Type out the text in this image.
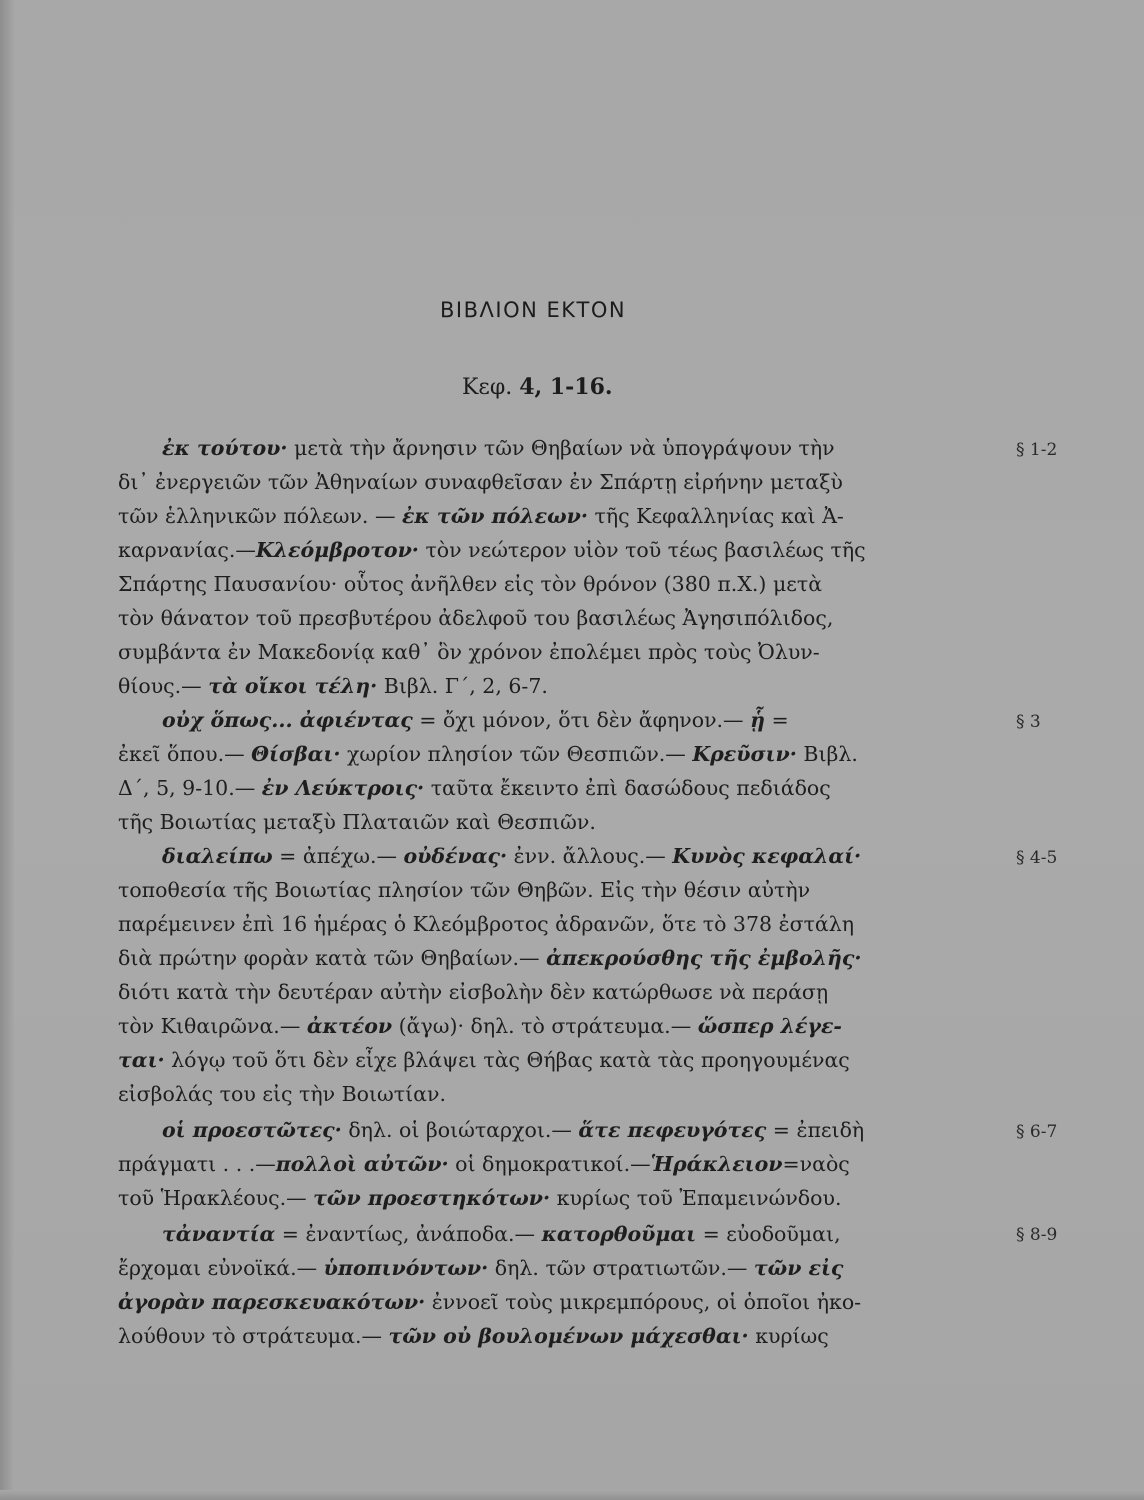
ΒΙΒΛΙΟΝ ΕΚΤΟΝ
Κεφ. 4, 1-16.
§ 1-2
§ 3
§ 4-5
§ 6-7
§ 8-9
ἐκ τούτου· μετὰ τὴν ἄρνησιν τῶν Θηβαίων νὰ ὑπογράψουν τὴν
δι᾽ ἐνεργειῶν τῶν Ἀθηναίων συναφθεῖσαν ἐν Σπάρτῃ εἰρήνην μεταξὺ
τῶν ἑλληνικῶν πόλεων. — ἐκ τῶν πόλεων· τῆς Κεφαλληνίας καὶ Ἀ-
καρνανίας.—Κλεόμβροτον· τὸν νεώτερον υἱὸν τοῦ τέως βασιλέως τῆς
Σπάρτης Παυσανίου· οὗτος ἀνῆλθεν εἰς τὸν θρόνον (380 π.Χ.) μετὰ
τὸν θάνατον τοῦ πρεσβυτέρου ἀδελφοῦ του βασιλέως Ἀγησιπόλιδος,
συμβάντα ἐν Μακεδονίᾳ καθ᾽ ὃν χρόνον ἐπολέμει πρὸς τοὺς Ὀλυν-
θίους.— τὰ οἴκοι τέλη· Βιβλ. Γ΄, 2, 6-7.
οὐχ ὅπως... ἀφιέντας = ὄχι μόνον, ὅτι δὲν ἄφηνον.— ᾗ =
ἐκεῖ ὅπου.— Θίσβαι· χωρίον πλησίον τῶν Θεσπιῶν.— Κρεῦσιν· Βιβλ.
Δ΄, 5, 9-10.— ἐν Λεύκτροις· ταῦτα ἔκειντο ἐπὶ δασώδους πεδιάδος
τῆς Βοιωτίας μεταξὺ Πλαταιῶν καὶ Θεσπιῶν.
διαλείπω = ἀπέχω.— οὐδένας· ἐνν. ἄλλους.— Κυνὸς κεφαλαί·
τοποθεσία τῆς Βοιωτίας πλησίον τῶν Θηβῶν. Εἰς τὴν θέσιν αὐτὴν
παρέμεινεν ἐπὶ 16 ἡμέρας ὁ Κλεόμβροτος ἀδρανῶν, ὅτε τὸ 378 ἐστάλη
διὰ πρώτην φορὰν κατὰ τῶν Θηβαίων.— ἀπεκρούσθης τῆς ἐμβολῆς·
διότι κατὰ τὴν δευτέραν αὐτὴν εἰσβολὴν δὲν κατώρθωσε νὰ περάσῃ
τὸν Κιθαιρῶνα.— ἀκτέον (ἄγω)· δηλ. τὸ στράτευμα.— ὥσπερ λέγε-
ται· λόγῳ τοῦ ὅτι δὲν εἶχε βλάψει τὰς Θήβας κατὰ τὰς προηγουμένας
εἰσβολάς του εἰς τὴν Βοιωτίαν.
οἱ προεστῶτες· δηλ. οἱ βοιώταρχοι.— ἅτε πεφευγότες = ἐπειδὴ
πράγματι . . .—πολλοὶ αὐτῶν· οἱ δημοκρατικοί.—Ἡράκλειον=ναὸς
τοῦ Ἡρακλέους.— τῶν προεστηκότων· κυρίως τοῦ Ἐπαμεινώνδου.
τἀναντία = ἐναντίως, ἀνάποδα.— κατορθοῦμαι = εὐοδοῦμαι,
ἔρχομαι εὐνοϊκά.— ὑποπινόντων· δηλ. τῶν στρατιωτῶν.— τῶν εἰς
ἀγορὰν παρεσκευακότων· ἐννοεῖ τοὺς μικρεμπόρους, οἱ ὁποῖοι ἠκο-
λούθουν τὸ στράτευμα.— τῶν οὐ βουλομένων μάχεσθαι· κυρίως
